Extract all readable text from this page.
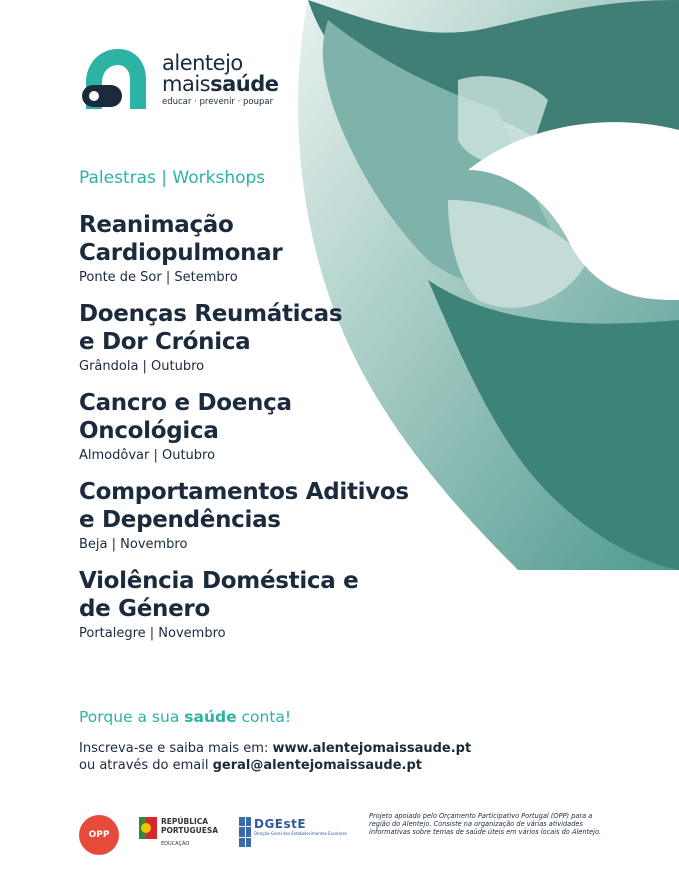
alentejo
maissaúde
educar · prevenir · poupar
Palestras | Workshops
Reanimação
Cardiopulmonar
Ponte de Sor | Setembro
Doenças Reumáticas
e Dor Crónica
Grândola | Outubro
Cancro e Doença
Oncológica
Almodôvar | Outubro
Comportamentos Aditivos
e Dependências
Beja | Novembro
Violência Doméstica e
de Género
Portalegre | Novembro
Porque a sua saúde conta!
Inscreva-se e saiba mais em: www.alentejomaissaude.pt
ou através do email geral@alentejomaissaude.pt
OPP
REPÚBLICA
PORTUGUESA
EDUCAÇÃO
DGEstE
Direção-Geral dos Estabelecimentos Escolares
Projeto apoiado pelo Orçamento Participativo Portugal (OPP) para a região do Alentejo. Consiste na organização de várias atividades informativas sobre temas de saúde úteis em vários locais do Alentejo.
